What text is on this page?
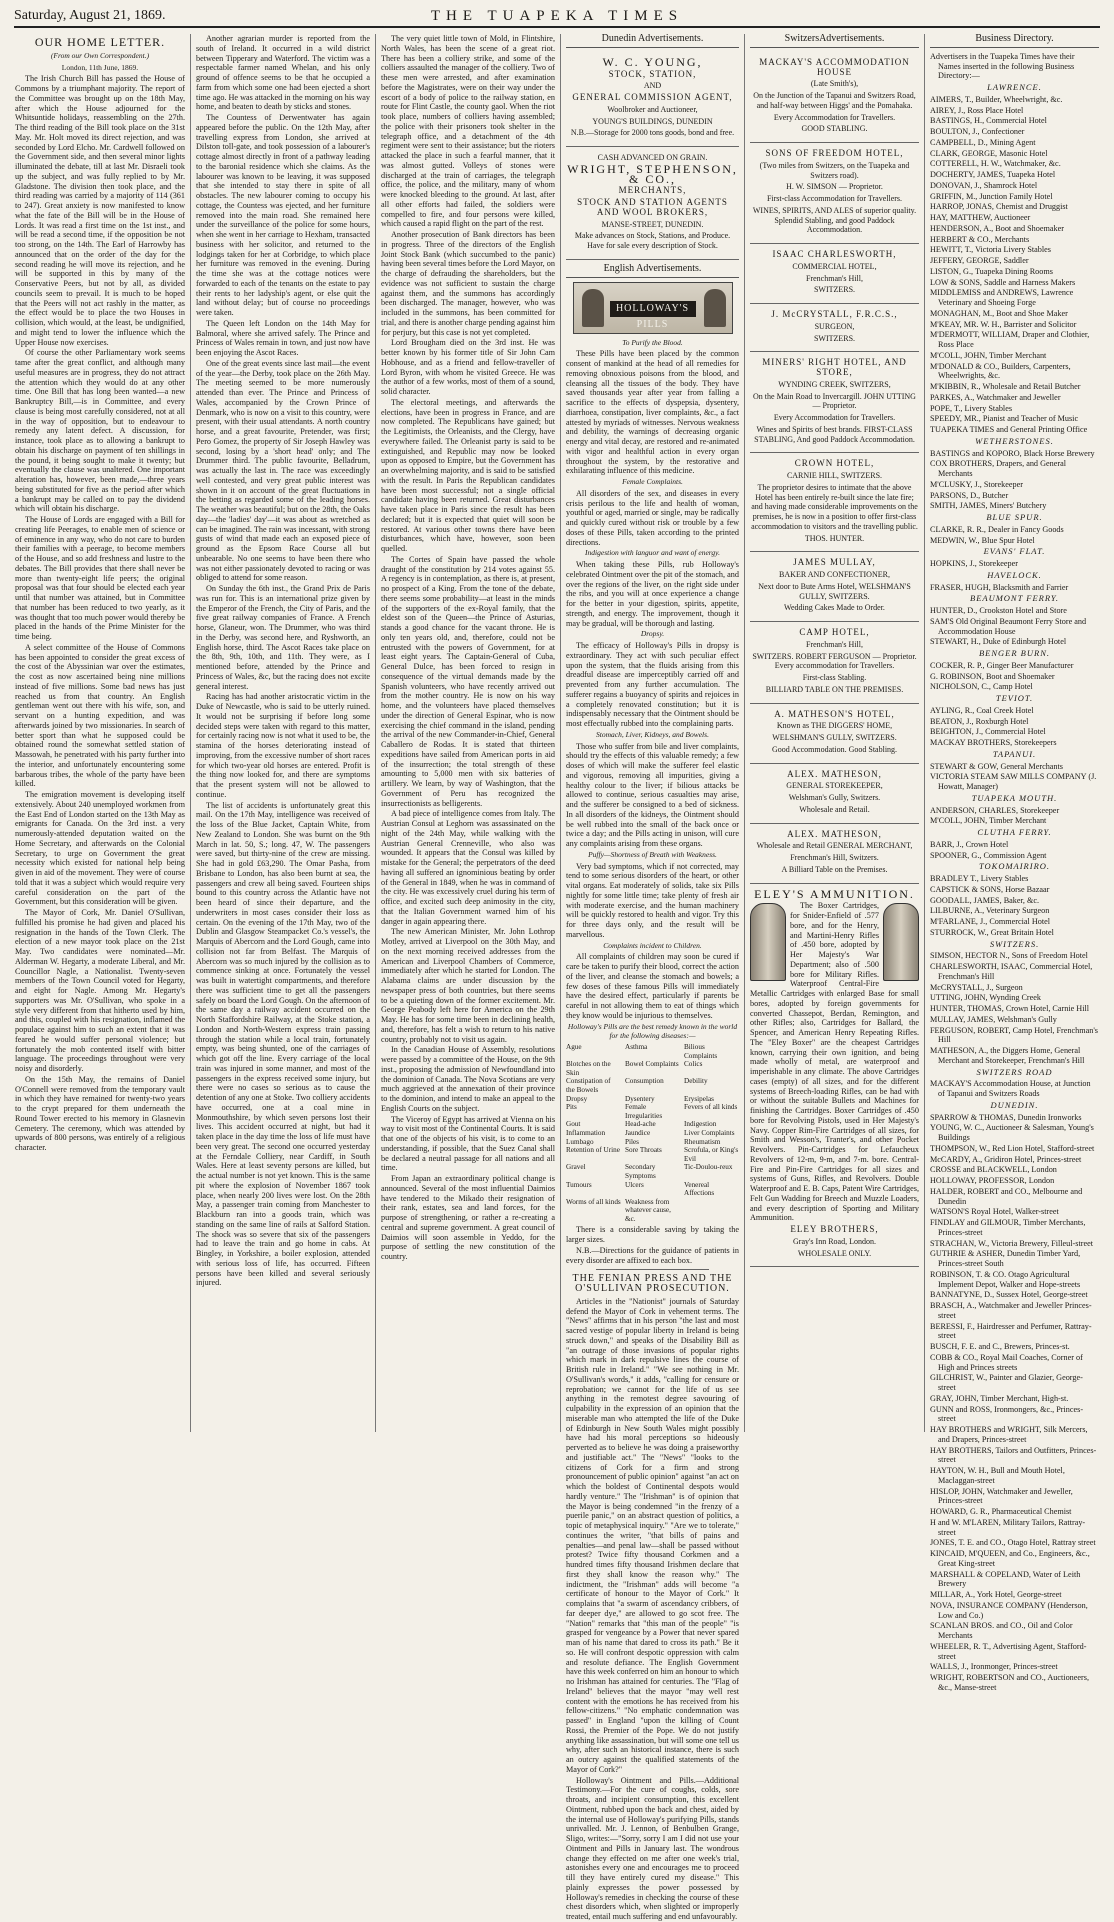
Saturday, August 21, 1869.	THE TUAPEKA TIMES
OUR HOME LETTER.
(From our Own Correspondent.)
London, 11th June, 1869.

The Irish Church Bill has passed the House of Commons by a triumphant majority. The report of the Committee was brought up on the 18th May, after which the House adjourned for the Whitsuntide holidays, reassembling on the 27th. The third reading of the Bill took place on the 31st May. Mr. Holt moved its direct rejection, and was seconded by Lord Elcho. Mr. Cardwell followed on the Government side, and then several minor lights illuminated the debate, till at last Mr. Disraeli took up the subject, and was fully replied to by Mr. Gladstone. The division then took place, and the third reading was carried by a majority of 114 (361 to 247). Great anxiety is now manifested to know what the fate of the Bill will be in the House of Lords. It was read a first time on the 1st inst., and will be read a second time, if the opposition be not too strong, on the 14th. The Earl of Harrowby has announced that on the order of the day for the second reading he will move its rejection, and he will be supported in this by many of the Conservative Peers, but not by all, as divided councils seem to prevail. It is much to be hoped that the Peers will not act rashly in the matter, as the effect would be to place the two Houses in collision, which would, at the least, be undignified, and might tend to lower the influence which the Upper House now exercises.

Of course the other Parliamentary work seems tame after the great conflict, and although many useful measures are in progress, they do not attract the attention which they would do at any other time. One Bill that has long been wanted—a new Bankruptcy Bill,—is in Committee, and every clause is being most carefully considered, not at all in the way of opposition, but to endeavour to remedy any latent defect. A discussion, for instance, took place as to allowing a bankrupt to obtain his discharge on payment of ten shillings in the pound, it being sought to make it twenty; but eventually the clause was unaltered. One important alteration has, however, been made,—three years being substituted for five as the period after which a bankrupt may be called on to pay the dividend which will obtain his discharge.

The House of Lords are engaged with a Bill for creating life Peerages, to enable men of science or of eminence in any way, who do not care to burden their families with a peerage, to become members of the House, and so add freshness and lustre to the debates. The Bill provides that there shall never be more than twenty-eight life peers; the original proposal was that four should be elected each year until that number was attained, but in Committee that number has been reduced to two yearly, as it was thought that too much power would thereby be placed in the hands of the Prime Minister for the time being.

A select committee of the House of Commons has been appointed to consider the great excess of the cost of the Abyssinian war over the estimates, the cost as now ascertained being nine millions instead of five millions. Some bad news has just reached us from that country. An English gentleman went out there with his wife, son, and servant on a hunting expedition, and was afterwards joined by two missionaries. In search of better sport than what he supposed could be obtained round the somewhat settled station of Massowah, he penetrated with his party further into the interior, and unfortunately encountering some barbarous tribes, the whole of the party have been killed.

The emigration movement is developing itself extensively. About 240 unemployed workmen from the East End of London started on the 13th May as emigrants for Canada. On the 3rd inst. a very numerously-attended deputation waited on the Home Secretary, and afterwards on the Colonial Secretary, to urge on Government the great necessity which existed for national help being given in aid of the movement. They were of course told that it was a subject which would require very careful consideration on the part of the Government, but this consideration will be given.

The Mayor of Cork, Mr. Daniel O'Sullivan, fulfilled his promise he had given and placed his resignation in the hands of the Town Clerk. The election of a new mayor took place on the 21st May. Two candidates were nominated—Mr. Alderman W. Hegarty, a moderate Liberal, and Mr. Councillor Nagle, a Nationalist. Twenty-seven members of the Town Council voted for Hegarty, and eight for Nagle. Among Mr. Hegarty's supporters was Mr. O'Sullivan, who spoke in a style very different from that hitherto used by him, and this, coupled with his resignation, inflamed the populace against him to such an extent that it was feared he would suffer personal violence; but fortunately the mob contented itself with bitter language. The proceedings throughout were very noisy and disorderly.

On the 15th May, the remains of Daniel O'Connell were removed from the temporary vault in which they have remained for twenty-two years to the crypt prepared for them underneath the Round Tower erected to his memory in Glasnevin Cemetery. The ceremony, which was attended by upwards of 800 persons, was entirely of a religious character.

Another agrarian murder is reported from the south of Ireland. It occurred in a wild district between Tipperary and Waterford. The victim was a respectable farmer named Whelan, and his only ground of offence seems to be that he occupied a farm from which some one had been ejected a short time ago. He was attacked in the morning on his way home, and beaten to death by sticks and stones.

The Countess of Derwentwater has again appeared before the public. On the 12th May, after travelling express from London, she arrived at Dilston toll-gate, and took possession of a labourer's cottage almost directly in front of a pathway leading to the baronial residence which she claims. As the labourer was known to be leaving, it was supposed that she intended to stay there in spite of all obstacles. The new labourer coming to occupy his cottage, the Countess was ejected, and her furniture removed into the main road. She remained here under the surveillance of the police for some hours, when she went in her carriage to Hexham, transacted business with her solicitor, and returned to the lodgings taken for her at Corbridge, to which place her furniture was removed in the evening. During the time she was at the cottage notices were forwarded to each of the tenants on the estate to pay their rents to her ladyship's agent, or else quit the land without delay; but of course no proceedings were taken.

The Queen left London on the 14th May for Balmoral, where she arrived safely. The Prince and Princess of Wales remain in town, and just now have been enjoying the Ascot Races.

One of the great events since last mail—the event of the year—the Derby, took place on the 26th May. The meeting seemed to be more numerously attended than ever. The Prince and Princess of Wales, accompanied by the Crown Prince of Denmark, who is now on a visit to this country, were present, with their usual attendants. A north country horse, and a great favourite, Pretender, was first; Pero Gomez, the property of Sir Joseph Hawley was second, losing by a 'short head' only; and The Drummer third. The public favourite, Belladrum, was actually the last in. The race was exceedingly well contested, and very great public interest was shown in it on account of the great fluctuations in the betting as regarded some of the leading horses. The weather was beautiful; but on the 28th, the Oaks day—the 'ladies' day'—it was about as wretched as can be imagined. The rain was incessant, with strong gusts of wind that made each an exposed piece of ground as the Epsom Race Course all but unbearable. No one seems to have been there who was not either passionately devoted to racing or was obliged to attend for some reason.

On Sunday the 6th inst., the Grand Prix de Paris was run for. This is an international prize given by the Emperor of the French, the City of Paris, and the five great railway companies of France. A French horse, Glaneur, won. The Drummer, who was third in the Derby, was second here, and Ryshworth, an English horse, third. The Ascot Races take place on the 8th, 9th, 10th, and 11th. They were, as I mentioned before, attended by the Prince and Princess of Wales, &c, but the racing does not excite general interest.

Racing has had another aristocratic victim in the Duke of Newcastle, who is said to be utterly ruined. It would not be surprising if before long some decided steps were taken with regard to this matter, for certainly racing now is not what it used to be, the stamina of the horses deteriorating instead of improving, from the excessive number of short races for which two-year old horses are entered. Profit is the thing now looked for, and there are symptoms that the present system will not be allowed to continue.

The list of accidents is unfortunately great this mail. On the 17th May, intelligence was received of the loss of the Blue Jacket, Captain White, from New Zealand to London. She was burnt on the 9th March in lat. 50, S.; long. 47, W. The passengers were saved, but thirty-nine of the crew are missing. She had in gold £63,290. The Omar Pasha, from Brisbane to London, has also been burnt at sea, the passengers and crew all being saved. Fourteen ships bound to this country across the Atlantic have not been heard of since their departure, and the underwriters in most cases consider their loss as certain. On the evening of the 17th May, two of the Dublin and Glasgow Steampacket Co.'s vessel's, the Marquis of Abercorn and the Lord Gough, came into collision not far from Belfast. The Marquis of Abercorn was so much injured by the collision as to commence sinking at once. Fortunately the vessel was built in watertight compartments, and therefore there was sufficient time to get all the passengers safely on board the Lord Gough. On the afternoon of the same day a railway accident occurred on the North Staffordshire Railway, at the Stoke station, a London and North-Western express train passing through the station while a local train, fortunately empty, was being shunted, one of the carriages of which got off the line. Every carriage of the local train was injured in some manner, and most of the passengers in the express received some injury, but there were no cases so serious as to cause the detention of any one at Stoke. Two colliery accidents have occurred, one at a coal mine in Monmouthshire, by which seven persons lost their lives. This accident occurred at night, but had it taken place in the day time the loss of life must have been very great. The second one occurred yesterday at the Ferndale Colliery, near Cardiff, in South Wales. Here at least seventy persons are killed, but the actual number is not yet known. This is the same pit where the explosion of November 1867 took place, when nearly 200 lives were lost. On the 28th May, a passenger train coming from Manchester to Blackburn ran into a goods train, which was standing on the same line of rails at Salford Station. The shock was so severe that six of the passengers had to leave the train and go home in cabs. At Bingley, in Yorkshire, a boiler explosion, attended with serious loss of life, has occurred. Fifteen persons have been killed and several seriously injured.

The very quiet little town of Mold, in Flintshire, North Wales, has been the scene of a great riot. There has been a colliery strike, and some of the colliers assaulted the manager of the colliery. Two of these men were arrested, and after examination before the Magistrates, were on their way under the escort of a body of police to the railway station, en route for Flint Castle, the county gaol. When the riot took place, numbers of colliers having assembled; the police with their prisoners took shelter in the telegraph office, and a detachment of the 4th regiment were sent to their assistance; but the rioters attacked the place in such a fearful manner, that it was almost gutted. Volleys of stones were discharged at the train of carriages, the telegraph office, the police, and the military, many of whom were knocked bleeding to the ground. At last, after all other efforts had failed, the soldiers were compelled to fire, and four persons were killed, which caused a rapid flight on the part of the rest.

Another prosecution of Bank directors has been in progress. Three of the directors of the English Joint Stock Bank (which succumbed to the panic) having been several times before the Lord Mayor, on the charge of defrauding the shareholders, but the evidence was not sufficient to sustain the charge against them, and the summons has accordingly been discharged. The manager, however, who was included in the summons, has been committed for trial, and there is another charge pending against him for perjury, but this case is not yet completed.

Lord Brougham died on the 3rd inst. He was better known by his former title of Sir John Cam Hobhouse, and as a friend and fellow-traveller of Lord Byron, with whom he visited Greece. He was the author of a few works, most of them of a sound, solid character.

The electoral meetings, and afterwards the elections, have been in progress in France, and are now completed. The Republicans have gained; but the Legitimists, the Orleanists, and the Clergy, have everywhere failed. The Orleanist party is said to be extinguished, and Republic may now be looked upon as opposed to Empire, but the Government has an overwhelming majority, and is said to be satisfied with the result. In Paris the Republican candidates have been most successful; not a single official candidate having been returned. Great disturbances have taken place in Paris since the result has been declared; but it is expected that quiet will soon be restored. At various other towns there have been disturbances, which have, however, soon been quelled.

The Cortes of Spain have passed the whole draught of the constitution by 214 votes against 55. A regency is in contemplation, as there is, at present, no prospect of a King. From the tone of the debate, there seems some probability—at least in the minds of the supporters of the ex-Royal family, that the eldest son of the Queen—the Prince of Asturias, stands a good chance for the vacant throne. He is only ten years old, and, therefore, could not be entrusted with the powers of Government, for at least eight years. The Captain-General of Cuba, General Dulce, has been forced to resign in consequence of the virtual demands made by the Spanish volunteers, who have recently arrived out from the mother country. He is now on his way home, and the volunteers have placed themselves under the direction of General Espinar, who is now exercising the chief command in the island, pending the arrival of the new Commander-in-Chief, General Caballero de Rodas. It is stated that thirteen expeditions have sailed from American ports in aid of the insurrection; the total strength of these amounting to 5,000 men with six batteries of artillery. We learn, by way of Washington, that the Government of Peru has recognized the insurrectionists as belligerents.

A bad piece of intelligence comes from Italy. The Austrian Consul at Leghorn was assassinated on the night of the 24th May, while walking with the Austrian General Crenneville, who also was wounded. It appears that the Consul was killed by mistake for the General; the perpetrators of the deed having all suffered an ignominious beating by order of the General in 1849, when he was in command of the city. He was excessively cruel during his term of office, and excited such deep animosity in the city, that the Italian Government warned him of his danger in again appearing there.

The new American Minister, Mr. John Lothrop Motley, arrived at Liverpool on the 30th May, and on the next morning received addresses from the American and Liverpool Chambers of Commerce, immediately after which he started for London. The Alabama claims are under discussion by the newspaper press of both countries, but there seems to be a quieting down of the former excitement. Mr. George Peabody left here for America on the 29th May. He has for some time been in declining health, and, therefore, has felt a wish to return to his native country, probably not to visit us again.

In the Canadian House of Assembly, resolutions were passed by a committee of the House, on the 9th inst., proposing the admission of Newfoundland into the dominion of Canada. The Nova Scotians are very much aggrieved at the annexation of their province to the dominion, and intend to make an appeal to the English Courts on the subject.

The Viceroy of Egypt has arrived at Vienna on his way to visit most of the Continental Courts. It is said that one of the objects of his visit, is to come to an understanding, if possible, that the Suez Canal shall be declared a neutral passage for all nations and all time.

From Japan an extraordinary political change is announced. Several of the most influential Daimios have tendered to the Mikado their resignation of their rank, estates, sea and land forces, for the purpose of strengthening, or rather a re-creating a central and supreme government. A great council of Daimios will soon assemble in Yeddo, for the purpose of settling the new constitution of the country.

Dunedin Advertisements.
W. C. YOUNG,
STOCK, STATION,
AND
GENERAL COMMISSION AGENT,
Woolbroker and Auctioneer,
YOUNG'S BUILDINGS, DUNEDIN
N.B.—Storage for 2000 tons goods, bond and free.
CASH ADVANCED ON GRAIN.
WRIGHT, STEPHENSON, & CO.,
MERCHANTS,
STOCK AND STATION AGENTS AND WOOL BROKERS,
MANSE-STREET, DUNEDIN.
Make advances on Stock, Stations, and Produce. Have for sale every description of Stock.
English Advertisements.
HOLLOWAY'S PILLS
To Purify the Blood.

These Pills have been placed by the common consent of mankind at the head of all remedies for removing obnoxious poisons from the blood, and cleansing all the tissues of the body. They have saved thousands year after year from falling a sacrifice to the effects of dyspepsia, dysentery, diarrhoea, constipation, liver complaints, &c., a fact attested by myriads of witnesses. Nervous weakness and debility, the warnings of decreasing organic energy and vital decay, are restored and re-animated with vigor and healthful action in every organ throughout the system, by the restorative and exhilarating influence of this medicine.

Female Complaints.

All disorders of the sex, and diseases in every crisis perilous to the life and health of woman, youthful or aged, married or single, may be radically and quickly cured without risk or trouble by a few doses of these Pills, taken according to the printed directions.

Indigestion with languor and want of energy.

When taking these Pills, rub Holloway's celebrated Ointment over the pit of the stomach, and over the regions of the liver, on the right side under the ribs, and you will at once experience a change for the better in your digestion, spirits, appetite, strength, and energy. The improvement, though it may be gradual, will be thorough and lasting.

Dropsy.

The efficacy of Holloway's Pills in dropsy is extraordinary. They act with such peculiar effect upon the system, that the fluids arising from this dreadful disease are imperceptibly carried off and prevented from any further accumulation. The sufferer regains a buoyancy of spirits and rejoices in a completely renovated constitution; but it is indispensably necessary that the Ointment should be most effectually rubbed into the complaining parts.

Stomach, Liver, Kidneys, and Bowels.

Those who suffer from bile and liver complaints, should try the effects of this valuable remedy; a few doses of which will make the sufferer feel elastic and vigorous, removing all impurities, giving a healthy colour to the liver; if bilious attacks be allowed to continue, serious casualties may arise, and the sufferer be consigned to a bed of sickness. In all disorders of the kidneys, the Ointment should be well rubbed into the small of the back once or twice a day; and the Pills acting in unison, will cure any complaints arising from these organs.

Puffy—Shortness of Breath with Weakness.

Very bad symptoms, which if not corrected, may tend to some serious disorders of the heart, or other vital organs. Eat moderately of solids, take six Pills nightly for some little time; take plenty of fresh air with moderate exercise, and the human machinery will be quickly restored to health and vigor. Try this for three days only, and the result will be marvellous.

Complaints incident to Children.

All complaints of children may soon be cured if care be taken to purify their blood, correct the action of the liver, and cleanse the stomach and bowels; a few doses of these famous Pills will immediately have the desired effect, particularly if parents be careful in not allowing them to eat of things which they know would be injurious to themselves.

Holloway's Pills are the best remedy known in the world for the following diseases:—
Ague	Asthma	Bilious Complaints
Blotches on the Skin
Bowel Complaints Colics
Constipation of the Bowels
Consumption	Debility
Dropsy	Dysentery	Erysipelas
Pits	Female Irregularities
Fevers of all kinds
Gout	Head-ache	Indigestion
Inflammation	Jaundice	Liver Complaints
Lumbago	Piles	Rheumatism
Retention of Urine Sore Throats	Scrofula, or King's Evil
Gravel	Secondary Symptoms
Tic-Doulou-reux
Tumours	Ulcers	Venereal Affections
Worms of all kinds Weakness from whatever cause, &c.

There is a considerable saving by taking the larger sizes.

N.B.—Directions for the guidance of patients in every disorder are affixed to each box.

THE FENIAN PRESS AND THE O'SULLIVAN PROSECUTION.

Articles in the "Nationist" journals of Saturday defend the Mayor of Cork in vehement terms. The "News" affirms that in his person "the last and most sacred vestige of popular liberty in Ireland is being struck down," and speaks of the Disability Bill as "an outrage of those invasions of popular rights which mark in dark repulsive lines the course of British rule in Ireland." "We see nothing in Mr. O'Sullivan's words," it adds, "calling for censure or reprobation; we cannot for the life of us see anything in the remotest degree savouring of culpability in the expression of an opinion that the miserable man who attempted the life of the Duke of Edinburgh in New South Wales might possibly have had his moral perceptions so hideously perverted as to believe he was doing a praiseworthy and justifiable act." The "News" "looks to the citizens of Cork for a firm and strong pronouncement of public opinion" against "an act on which the boldest of Continental despots would hardly venture." The "Irishman" is of opinion that the Mayor is being condemned "in the frenzy of a puerile panic," on an abstract question of politics, a topic of metaphysical inquiry." "Are we to tolerate," continues the writer, "that bills of pains and penalties—and penal law—shall be passed without protest? Twice fifty thousand Corkmen and a hundred times fifty thousand Irishmen declare that first they shall know the reason why." The indictment, the "Irishman" adds will become "a certificate of honour to the Mayor of Cork." It complains that "a swarm of ascendancy cribbers, of far deeper dye," are allowed to go scot free. The "Nation" remarks that "this man of the people" "is grasped for vengeance by a Power that never spared man of his name that dared to cross its path." Be it so. He will confront despotic oppression with calm and resolute defiance. The English Government have this week conferred on him an honour to which no Irishman has attained for centuries. The "Flag of Ireland" believes that the mayor "may well rest content with the emotions he has received from his fellow-citizens." "No emphatic condemnation was passed" in England "upon the killing of Count Rossi, the Premier of the Pope. We do not justify anything like assassination, but will some one tell us why, after such an historical instance, there is such an outcry against the qualified statements of the Mayor of Cork?"

Holloway's Ointment and Pills.—Additional Testimony.—For the cure of coughs, colds, sore throats, and incipient consumption, this excellent Ointment, rubbed upon the back and chest, aided by the internal use of Holloway's purifying Pills, stands unrivalled. Mr. J. Lennon, of Benbulben Grange, Sligo, writes:—"Sorry, sorry I am I did not use your Ointment and Pills in January last. The wondrous change they effected on me after one week's trial, astonishes every one and encourages me to proceed till they have entirely cured my disease." This plainly expresses the power possessed by Holloway's remedies in checking the course of these chest disorders which, when slighted or improperly treated, entail much suffering and end unfavourably.

SwitzersAdvertisements.
MACKAY'S ACCOMMODATION HOUSE
(Late Smith's),
On the Junction of the Tapanui and Switzers Road, and half-way between Higgs' and the Pomahaka.
Every Accommodation for Travellers.
GOOD STABLING.
SONS OF FREEDOM HOTEL,
(Two miles from Switzers, on the Tuapeka and Switzers road).
H. W. SIMSON — Proprietor.
First-class Accommodation for Travellers.
WINES, SPIRITS, AND ALES of superior quality. Splendid Stabling, and good Paddock Accommodation.
ISAAC CHARLESWORTH,
COMMERCIAL HOTEL,
Frenchman's Hill,
SWITZERS.
J. McCRYSTALL, F.R.C.S.,
SURGEON,
SWITZERS.
MINERS' RIGHT HOTEL, AND STORE,
WYNDING CREEK, SWITZERS,
On the Main Road to Invercargill. JOHN UTTING — Proprietor.
Every Accommodation for Travellers.
Wines and Spirits of best brands. FIRST-CLASS STABLING, And good Paddock Accommodation.
CROWN HOTEL,
CARNIE HILL, SWITZERS.
The proprietor desires to intimate that the above Hotel has been entirely re-built since the late fire; and having made considerable improvements on the premises, he is now in a position to offer first-class accommodation to visitors and the travelling public.
THOS. HUNTER.
JAMES MULLAY,
BAKER AND CONFECTIONER,
Next door to Bute Arms Hotel, WELSHMAN'S GULLY, SWITZERS.
Wedding Cakes Made to Order.
CAMP HOTEL,
Frenchman's Hill,
SWITZERS. ROBERT FERGUSON — Proprietor. Every accommodation for Travellers.
First-class Stabling.
BILLIARD TABLE ON THE PREMISES.
A. MATHESON'S HOTEL,
Known as THE DIGGERS' HOME,
WELSHMAN'S GULLY, SWITZERS.
Good Accommodation. Good Stabling.
ALEX. MATHESON,
GENERAL STOREKEEPER,
Welshman's Gully, Switzers.
Wholesale and Retail.
ALEX. MATHESON,
Wholesale and Retail GENERAL MERCHANT,
Frenchman's Hill, Switzers.
A Billiard Table on the Premises.
ELEY'S AMMUNITION.

The Boxer Cartridges, for Snider-Enfield of .577 bore, and for the Henry, and Martini-Henry Rifles of .450 bore, adopted by Her Majesty's War Department; also of .500 bore for Military Rifles. Waterproof Central-Fire Metallic Cartridges with enlarged Base for small bores, adopted by foreign governments for converted Chassepot, Berdan, Remington, and other Rifles; also, Cartridges for Ballard, the Spencer, and American Henry Repeating Rifles. The "Eley Boxer" are the cheapest Cartridges known, carrying their own ignition, and being made wholly of metal, are waterproof and imperishable in any climate. The above Cartridges cases (empty) of all sizes, and for the different systems of Breech-loading Rifles, can be had with or without the suitable Bullets and Machines for finishing the Cartridges. Boxer Cartridges of .450 bore for Revolving Pistols, used in Her Majesty's Navy. Copper Rim-Fire Cartridges of all sizes, for Smith and Wesson's, Tranter's, and other Pocket Revolvers. Pin-Cartridges for Lefaucheux Revolvers of 12-m, 9-m, and 7-m. bore. Central-Fire and Pin-Fire Cartridges for all sizes and systems of Guns, Rifles, and Revolvers. Double Waterproof and E. B. Caps, Patent Wire Cartridges, Felt Gun Wadding for Breech and Muzzle Loaders, and every description of Sporting and Military Ammunition.

ELEY BROTHERS,
Gray's Inn Road, London.
WHOLESALE ONLY.
Business Directory.

Advertisers in the Tuapeka Times have their Names inserted in the following Business Directory:—

LAWRENCE.

AIMERS, T., Builder, Wheelwright, &c.

AIREY, J., Ross Place Hotel

BASTINGS, H., Commercial Hotel

BOULTON, J., Confectioner

CAMPBELL, D., Mining Agent

CLARK, GEORGE, Masonic Hotel

COTTERELL, H. W., Watchmaker, &c.

DOCHERTY, JAMES, Tuapeka Hotel

DONOVAN, J., Shamrock Hotel

GRIFFIN, M., Junction Family Hotel

HARROP, JONAS, Chemist and Druggist

HAY, MATTHEW, Auctioneer

HENDERSON, A., Boot and Shoemaker

HERBERT & CO., Merchants

HEWITT, T., Victoria Livery Stables

JEFFERY, GEORGE, Saddler

LISTON, G., Tuapeka Dining Rooms

LOW & SONS, Saddle and Harness Makers

MIDDLEMISS and ANDREWS, Lawrence Veterinary and Shoeing Forge

MONAGHAN, M., Boot and Shoe Maker

M'KEAY, MR. W. H., Barrister and Solicitor

M'DERMOTT, WILLIAM, Draper and Clothier, Ross Place

M'COLL, JOHN, Timber Merchant

M'DONALD & CO., Builders, Carpenters, Wheelwrights, &c.

M'KIBBIN, R., Wholesale and Retail Butcher

PARKES, A., Watchmaker and Jeweller

POPE, T., Livery Stables

SPEEDY, MR., Pianist and Teacher of Music

TUAPEKA TIMES and General Printing Office

WETHERSTONES.

BASTINGS and KOPORO, Black Horse Brewery

COX BROTHERS, Drapers, and General Merchants

M'CLUSKY, J., Storekeeper

PARSONS, D., Butcher

SMITH, JAMES, Miners' Butchery

BLUE SPUR.

CLARKE, R. R., Dealer in Fancy Goods

MEDWIN, W., Blue Spur Hotel

EVANS' FLAT.

HOPKINS, J., Storekeeper

HAVELOCK.

FRASER, HUGH, Blacksmith and Farrier

BEAUMONT FERRY.

HUNTER, D., Crookston Hotel and Store

SAM'S Old Original Beaumont Ferry Store and Accommodation House

STEWART, H., Duke of Edinburgh Hotel

BENGER BURN.

COCKER, R. P., Ginger Beer Manufacturer

G. ROBINSON, Boot and Shoemaker

NICHOLSON, C., Camp Hotel

TEVIOT.

AYLING, R., Coal Creek Hotel

BEATON, J., Roxburgh Hotel

BEIGHTON, J., Commercial Hotel

MACKAY BROTHERS, Storekeepers

TAPANUI.

STEWART & GOW, General Merchants

VICTORIA STEAM SAW MILLS COMPANY (J. Howatt, Manager)

TUAPEKA MOUTH.

ANDERSON, CHARLES, Storekeeper

M'COLL, JOHN, Timber Merchant

CLUTHA FERRY.

BARR, J., Crown Hotel

SPOONER, G., Commission Agent

TOKOMAIRIRO.

BRADLEY T., Livery Stables

CAPSTICK & SONS, Horse Bazaar

GOODALL, JAMES, Baker, &c.

LILBURNE, A., Veterinary Surgeon

M'FARLANE, J., Commercial Hotel

STURROCK, W., Great Britain Hotel

SWITZERS.

SIMSON, HECTOR N., Sons of Freedom Hotel

CHARLESWORTH, ISAAC, Commercial Hotel, Frenchman's Hill

McCRYSTALL, J., Surgeon

UTTING, JOHN, Wynding Creek

HUNTER, THOMAS, Crown Hotel, Carnie Hill

MULLAY, JAMES, Welshman's Gully

FERGUSON, ROBERT, Camp Hotel, Frenchman's Hill

MATHESON, A., the Diggers Home, General Merchant and Storekeeper, Frenchman's Hill

SWITZERS ROAD

MACKAY'S Accommodation House, at Junction of Tapanui and Switzers Roads

DUNEDIN.

SPARROW & THOMAS, Dunedin Ironworks

YOUNG, W. C., Auctioneer & Salesman, Young's Buildings

THOMPSON, W., Red Lion Hotel, Stafford-street

McCARDY, A., Gridiron Hotel, Princes-street

CROSSE and BLACKWELL, London

HOLLOWAY, PROFESSOR, London

HALDER, ROBERT and CO., Melbourne and Dunedin

WATSON'S Royal Hotel, Walker-street

FINDLAY and GILMOUR, Timber Merchants, Princes-street

STRACHAN, W., Victoria Brewery, Filleul-street

GUTHRIE & ASHER, Dunedin Timber Yard, Princes-street South

ROBINSON, T. & CO. Otago Agricultural Implement Depot, Walker and Hope-streets

BANNATYNE, D., Sussex Hotel, George-street

BRASCH, A., Watchmaker and Jeweller Princes-street

BERESSI, F., Hairdresser and Perfumer, Rattray-street

BUSCH, F. E. and C., Brewers, Princes-st.

COBB & CO., Royal Mail Coaches, Corner of High and Princes streets

GILCHRIST, W., Painter and Glazier, George-street

GRAY, JOHN, Timber Merchant, High-st.

GUNN and ROSS, Ironmongers, &c., Princes-street

HAY BROTHERS and WRIGHT, Silk Mercers, and Drapers, Princes-street

HAY BROTHERS, Tailors and Outfitters, Princes-street

HAYTON, W. H., Bull and Mouth Hotel, Maclaggan-street

HISLOP, JOHN, Watchmaker and Jeweller, Princes-street

HOWARD, G. R., Pharmaceutical Chemist

H and W. M'LAREN, Military Tailors, Rattray-street

JONES, T. E. and CO., Otago Hotel, Rattray street

KINCAID, M'QUEEN, and Co., Engineers, &c., Great King-street

MARSHALL & COPELAND, Water of Leith Brewery

MILLAR, A., York Hotel, George-street

NOVA, INSURANCE COMPANY (Henderson, Low and Co.)

SCANLAN BROS. and CO., Oil and Color Merchants

WHEELER, R. T., Advertising Agent, Stafford-street

WALLS, J., Ironmonger, Princes-street

WRIGHT, ROBERTSON and CO., Auctioneers, &c., Manse-street
